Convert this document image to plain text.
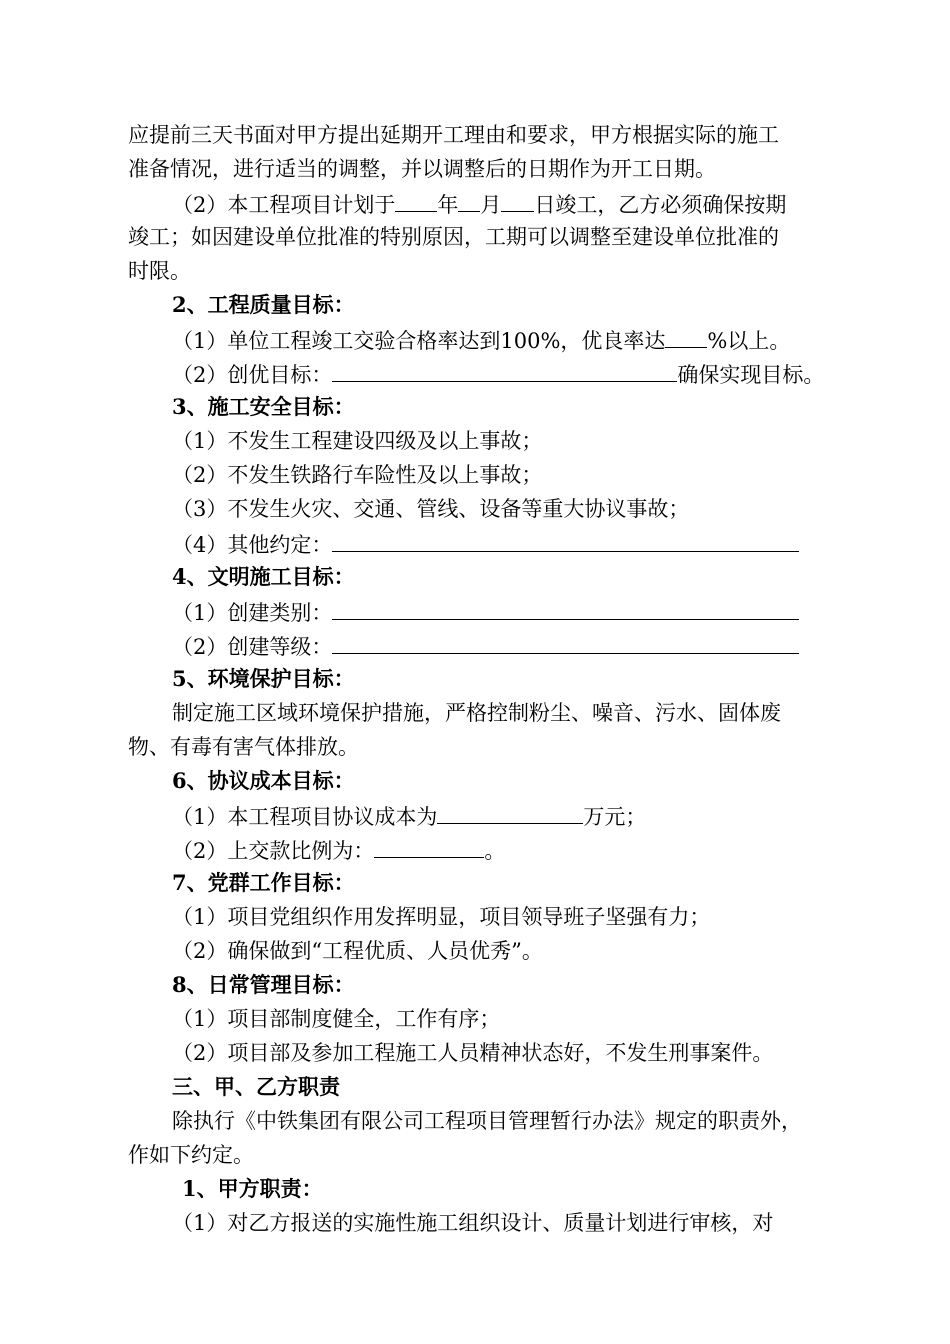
应提前三天书面对甲方提出延期开工理由和要求，甲方根据实际的施工
准备情况，进行适当的调整，并以调整后的日期作为开工日期。
（2）本工程项目计划于 年 月 日竣工，乙方必须确保按期
竣工；如因建设单位批准的特别原因，工期可以调整至建设单位批准的
时限。
2、工程质量目标：
（1）单位工程竣工交验合格率达到100%，优良率达 %以上。
（2）创优目标：	确保实现目标。
3、施工安全目标：
（1）不发生工程建设四级及以上事故；
（2）不发生铁路行车险性及以上事故；
（3）不发生火灾、交通、管线、设备等重大协议事故；
（4）其他约定：
4、文明施工目标：
（1）创建类别：
（2）创建等级：
5、环境保护目标：
制定施工区域环境保护措施，严格控制粉尘、噪音、污水、固体废
物、有毒有害气体排放。
6、协议成本目标：
（1）本工程项目协议成本为	万元；
（2）上交款比例为：	。
7、党群工作目标：
（1）项目党组织作用发挥明显，项目领导班子坚强有力；
（2）确保做到“工程优质、人员优秀”。
8、日常管理目标：
（1）项目部制度健全，工作有序；
（2）项目部及参加工程施工人员精神状态好，不发生刑事案件。
三、甲、乙方职责
除执行《中铁集团有限公司工程项目管理暂行办法》规定的职责外，
作如下约定。
1、甲方职责：
（1）对乙方报送的实施性施工组织设计、质量计划进行审核，对
